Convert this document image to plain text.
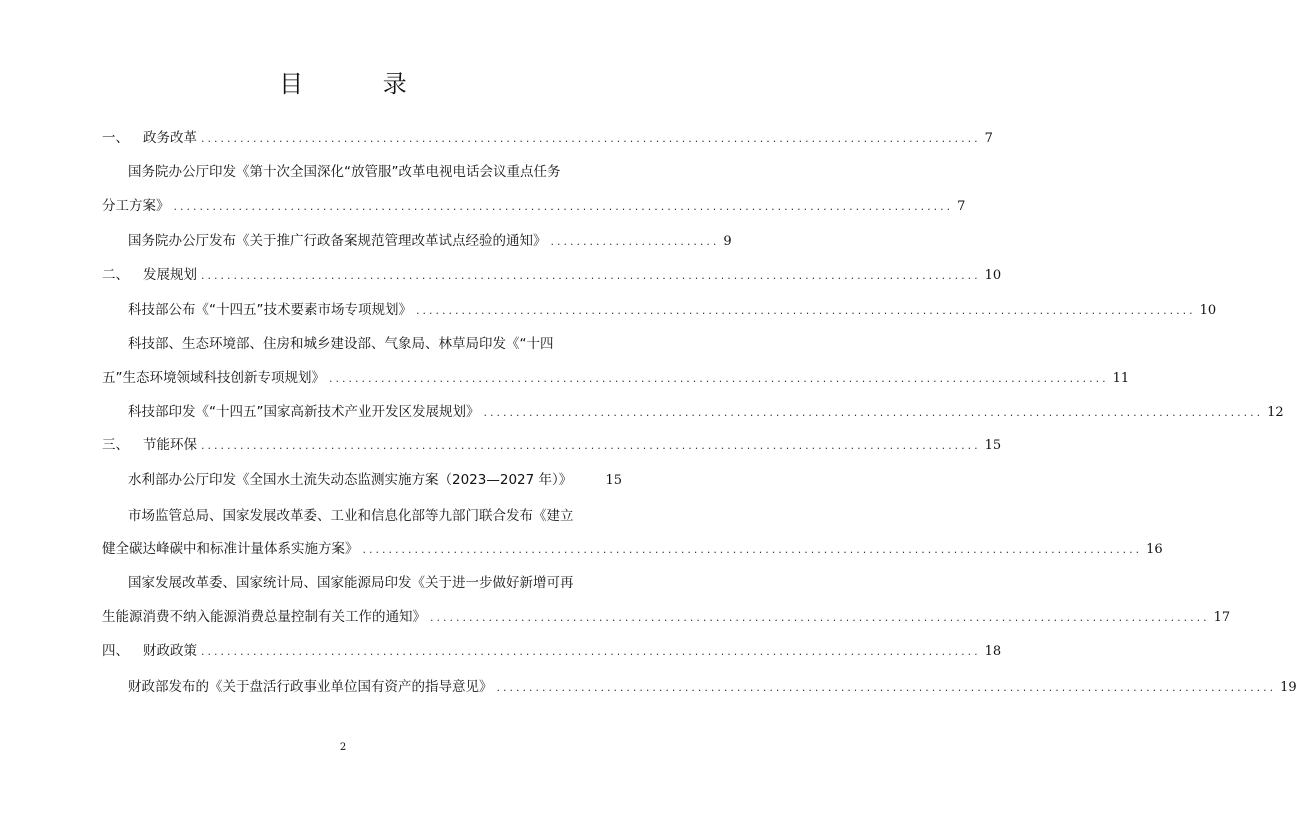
目 录
一、 政务改革 ........................................................................................................................ 7
国务院办公厅印发《第十次全国深化“放管服”改革电视电话会议重点任务
分工方案》 ........................................................................................................................ 7
国务院办公厅发布《关于推广行政备案规范管理改革试点经验的通知》 .......................... 9
二、 发展规划 ........................................................................................................................ 10
科技部公布《“十四五”技术要素市场专项规划》 ........................................................................................................................ 10
科技部、生态环境部、住房和城乡建设部、气象局、林草局印发《“十四
五”生态环境领域科技创新专项规划》 ........................................................................................................................ 11
科技部印发《“十四五”国家高新技术产业开发区发展规划》 ........................................................................................................................ 12
三、 节能环保 ........................................................................................................................ 15
水利部办公厅印发《全国水土流失动态监测实施方案（2023—2027 年）》	15
市场监管总局、国家发展改革委、工业和信息化部等九部门联合发布《建立
健全碳达峰碳中和标准计量体系实施方案》 ........................................................................................................................ 16
国家发展改革委、国家统计局、国家能源局印发《关于进一步做好新增可再
生能源消费不纳入能源消费总量控制有关工作的通知》 ........................................................................................................................ 17
四、 财政政策 ........................................................................................................................ 18
财政部发布的《关于盘活行政事业单位国有资产的指导意见》 ........................................................................................................................ 19
2
